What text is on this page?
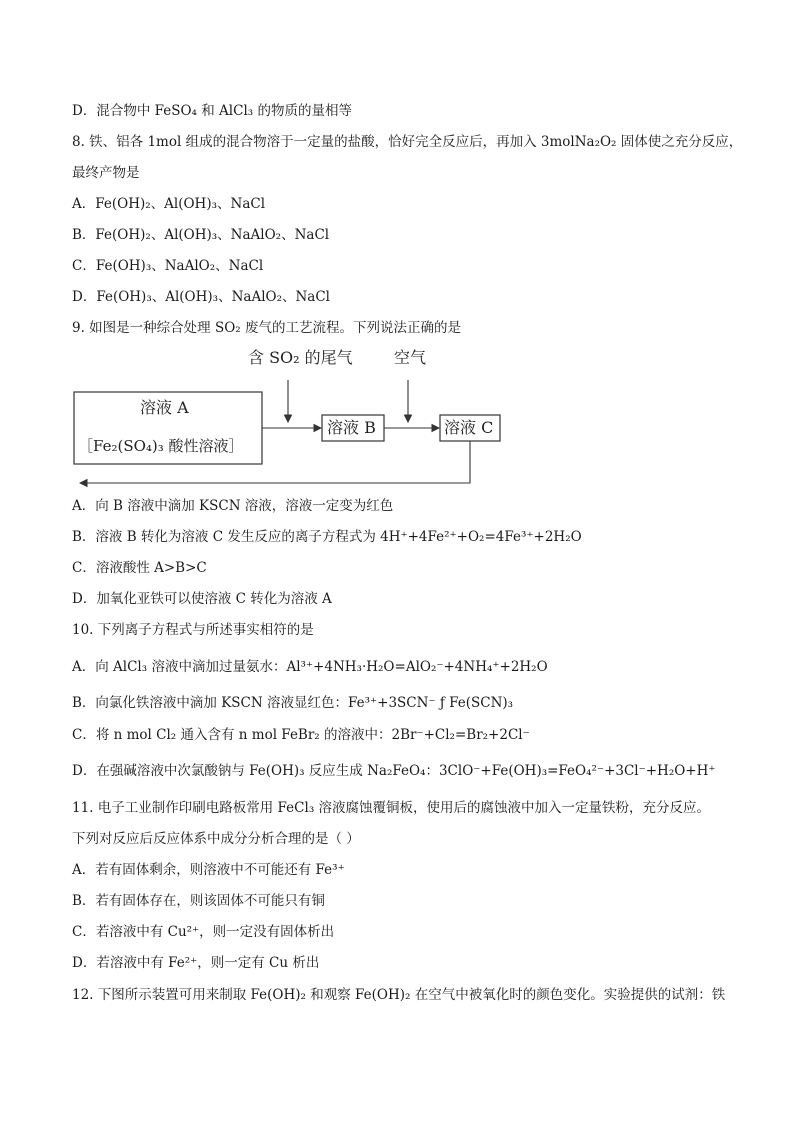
D．混合物中 FeSO₄ 和 AlCl₃ 的物质的量相等
8. 铁、铝各 1mol 组成的混合物溶于一定量的盐酸，恰好完全反应后，再加入 3molNa₂O₂ 固体使之充分反应，
最终产物是
A．Fe(OH)₂、Al(OH)₃、NaCl
B．Fe(OH)₂、Al(OH)₃、NaAlO₂、NaCl
C．Fe(OH)₃、NaAlO₂、NaCl
D．Fe(OH)₃、Al(OH)₃、NaAlO₂、NaCl
9. 如图是一种综合处理 SO₂ 废气的工艺流程。下列说法正确的是
A．向 B 溶液中滴加 KSCN 溶液，溶液一定变为红色
B．溶液 B 转化为溶液 C 发生反应的离子方程式为 4H⁺+4Fe²⁺+O₂=4Fe³⁺+2H₂O
C．溶液酸性 A>B>C
D．加氧化亚铁可以使溶液 C 转化为溶液 A
10. 下列离子方程式与所述事实相符的是
A．向 AlCl₃ 溶液中滴加过量氨水：Al³⁺+4NH₃·H₂O=AlO₂⁻+4NH₄⁺+2H₂O
B．向氯化铁溶液中滴加 KSCN 溶液显红色：Fe³⁺+3SCN⁻ ƒ Fe(SCN)₃
C．将 n mol Cl₂ 通入含有 n mol FeBr₂ 的溶液中：2Br⁻+Cl₂=Br₂+2Cl⁻
D．在强碱溶液中次氯酸钠与 Fe(OH)₃ 反应生成 Na₂FeO₄：3ClO⁻+Fe(OH)₃=FeO₄²⁻+3Cl⁻+H₂O+H⁺
11. 电子工业制作印刷电路板常用 FeCl₃ 溶液腐蚀覆铜板，使用后的腐蚀液中加入一定量铁粉，充分反应。
下列对反应后反应体系中成分分析合理的是（ ）
A．若有固体剩余，则溶液中不可能还有 Fe³⁺
B．若有固体存在，则该固体不可能只有铜
C．若溶液中有 Cu²⁺，则一定没有固体析出
D．若溶液中有 Fe²⁺，则一定有 Cu 析出
12. 下图所示装置可用来制取 Fe(OH)₂ 和观察 Fe(OH)₂ 在空气中被氧化时的颜色变化。实验提供的试剂：铁
含 SO₂ 的尾气	空气
溶液 A
［Fe₂(SO₄)₃ 酸性溶液］
溶液 B	溶液 C
